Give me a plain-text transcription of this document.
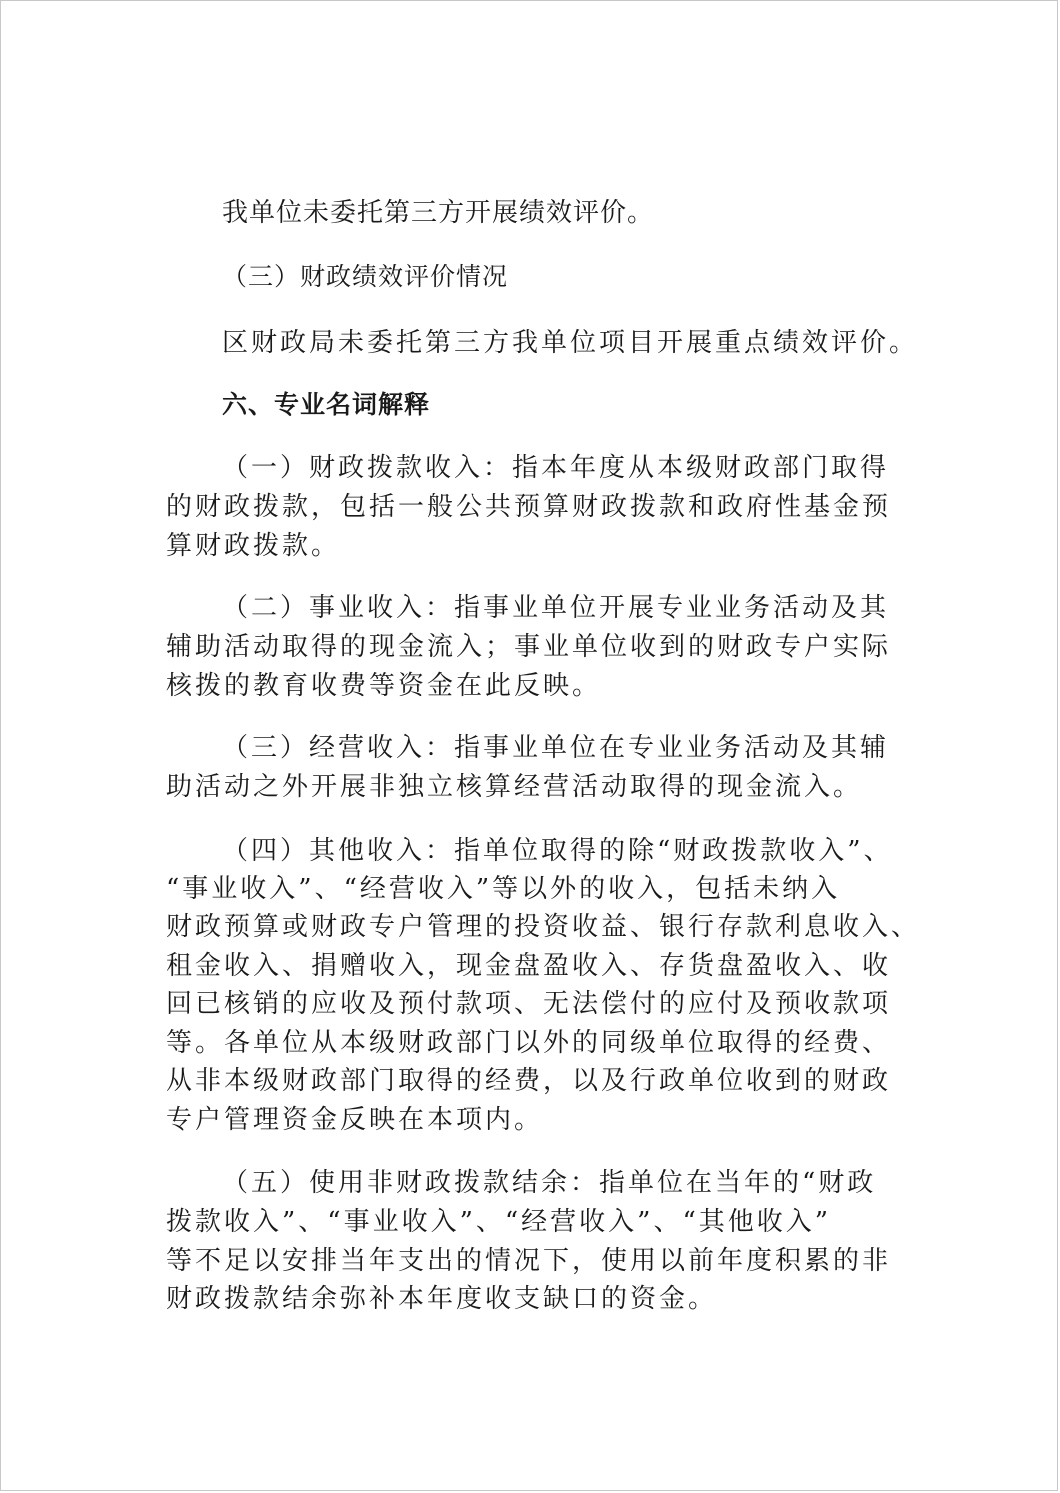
我单位未委托第三方开展绩效评价。
（三）财政绩效评价情况
区财政局未委托第三方我单位项目开展重点绩效评价。
六、专业名词解释
（一）财政拨款收入：指本年度从本级财政部门取得
的财政拨款，包括一般公共预算财政拨款和政府性基金预
算财政拨款。
（二）事业收入：指事业单位开展专业业务活动及其
辅助活动取得的现金流入；事业单位收到的财政专户实际
核拨的教育收费等资金在此反映。
（三）经营收入：指事业单位在专业业务活动及其辅
助活动之外开展非独立核算经营活动取得的现金流入。
（四）其他收入：指单位取得的除“财政拨款收入”、
“事业收入”、“经营收入”等以外的收入，包括未纳入
财政预算或财政专户管理的投资收益、银行存款利息收入、
租金收入、捐赠收入，现金盘盈收入、存货盘盈收入、收
回已核销的应收及预付款项、无法偿付的应付及预收款项
等。各单位从本级财政部门以外的同级单位取得的经费、
从非本级财政部门取得的经费，以及行政单位收到的财政
专户管理资金反映在本项内。
（五）使用非财政拨款结余：指单位在当年的“财政
拨款收入”、“事业收入”、“经营收入”、“其他收入”
等不足以安排当年支出的情况下，使用以前年度积累的非
财政拨款结余弥补本年度收支缺口的资金。
